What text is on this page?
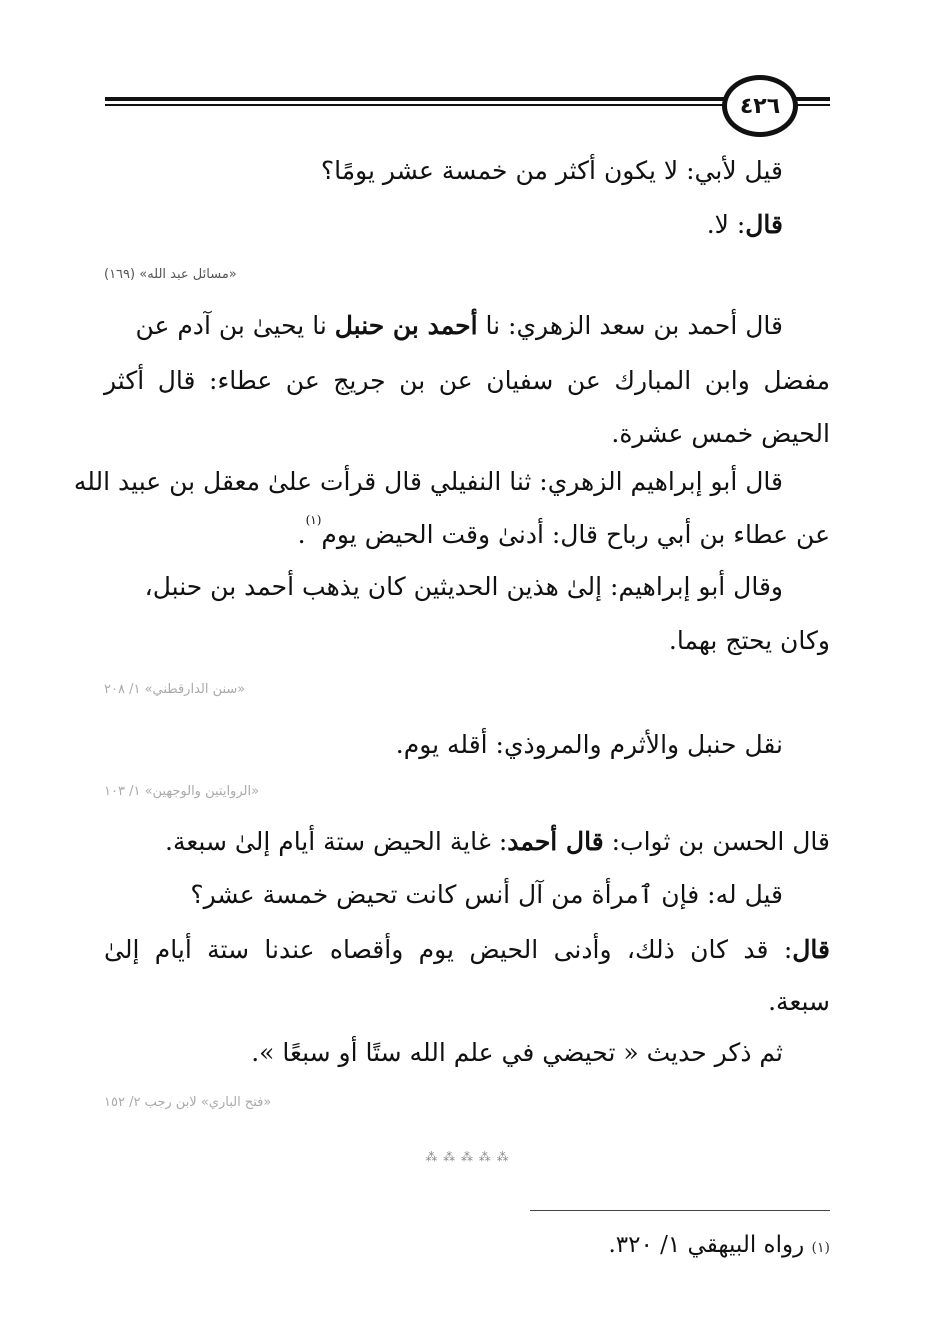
٤٢٦
قيل لأبي: لا يكون أكثر من خمسة عشر يومًا؟
قال: لا.
«مسائل عبد الله» (١٦٩)
قال أحمد بن سعد الزهري: نا أحمد بن حنبل نا يحيىٰ بن آدم عن
مفضل وابن المبارك عن سفيان عن بن جريج عن عطاء: قال أكثر
الحيض خمس عشرة.
قال أبو إبراهيم الزهري: ثنا النفيلي قال قرأت علىٰ معقل بن عبيد الله
عن عطاء بن أبي رباح قال: أدنىٰ وقت الحيض يوم$^{(١)}$.
وقال أبو إبراهيم: إلىٰ هذين الحديثين كان يذهب أحمد بن حنبل،
وكان يحتج بهما.
«سنن الدارقطني» ١/ ٢٠٨
نقل حنبل والأثرم والمروذي: أقله يوم.
«الروايتين والوجهين» ١/ ١٠٣
قال الحسن بن ثواب: قال أحمد: غاية الحيض ستة أيام إلىٰ سبعة.
قيل له: فإن ٱمرأة من آل أنس كانت تحيض خمسة عشر؟
قال: قد كان ذلك، وأدنى الحيض يوم وأقصاه عندنا ستة أيام إلىٰ
سبعة.
ثم ذكر حديث « تحيضي في علم الله ستًا أو سبعًا ».
«فتح الباري» لابن رجب ٢/ ١٥٢
⁂ ⁂ ⁂ ⁂ ⁂
(١) رواه البيهقي ١/ ٣٢٠.
